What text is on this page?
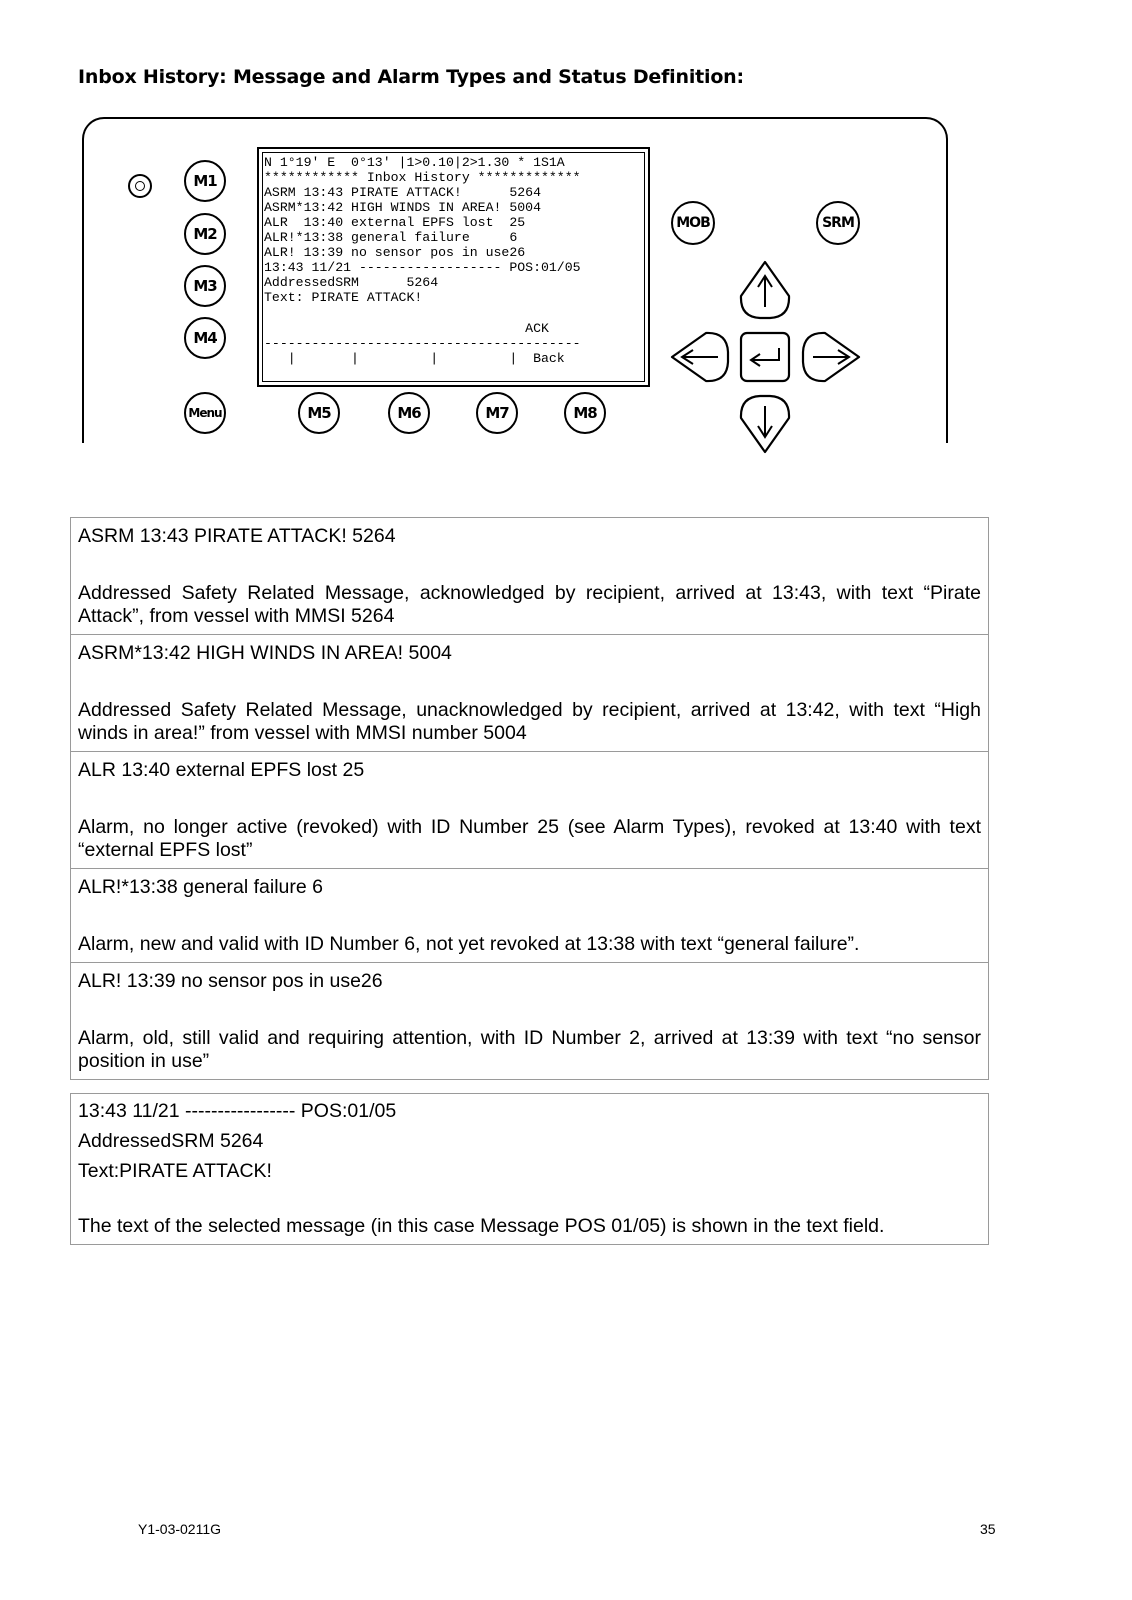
Inbox History: Message and Alarm Types and Status Definition:
M1
M2
M3
M4
Menu	M5	M6	M7	M8
MOB	SRM
N 1°19' E  0°13' |1>0.10|2>1.30 * 1S1A
************ Inbox History *************
ASRM 13:43 PIRATE ATTACK!      5264
ASRM*13:42 HIGH WINDS IN AREA! 5004
ALR  13:40 external EPFS lost  25
ALR!*13:38 general failure     6
ALR! 13:39 no sensor pos in use26
13:43 11/21 ------------------ POS:01/05
AddressedSRM      5264
Text: PIRATE ATTACK!

ACK
----------------------------------------
|       |         |         |  Back
ASRM 13:43 PIRATE ATTACK! 5264
Addressed Safety Related Message, acknowledged by recipient, arrived at 13:43, with text “Pirate Attack”, from vessel with MMSI 5264

ASRM*13:42 HIGH WINDS IN AREA! 5004
Addressed Safety Related Message, unacknowledged by recipient, arrived at 13:42, with text “High winds in area!” from vessel with MMSI number 5004

ALR 13:40 external EPFS lost 25
Alarm, no longer active (revoked) with ID Number 25 (see Alarm Types), revoked at 13:40 with text “external EPFS lost”

ALR!*13:38 general failure 6
Alarm, new and valid with ID Number 6, not yet revoked at 13:38 with text “general failure”.

ALR! 13:39 no sensor pos in use26
Alarm, old, still valid and requiring attention, with ID Number 2, arrived at 13:39 with text “no sensor position in use”
13:43 11/21 ----------------- POS:01/05
AddressedSRM 5264
Text:PIRATE ATTACK!
The text of the selected message (in this case Message POS 01/05) is shown in the text field.
Y1-03-0211G	35
